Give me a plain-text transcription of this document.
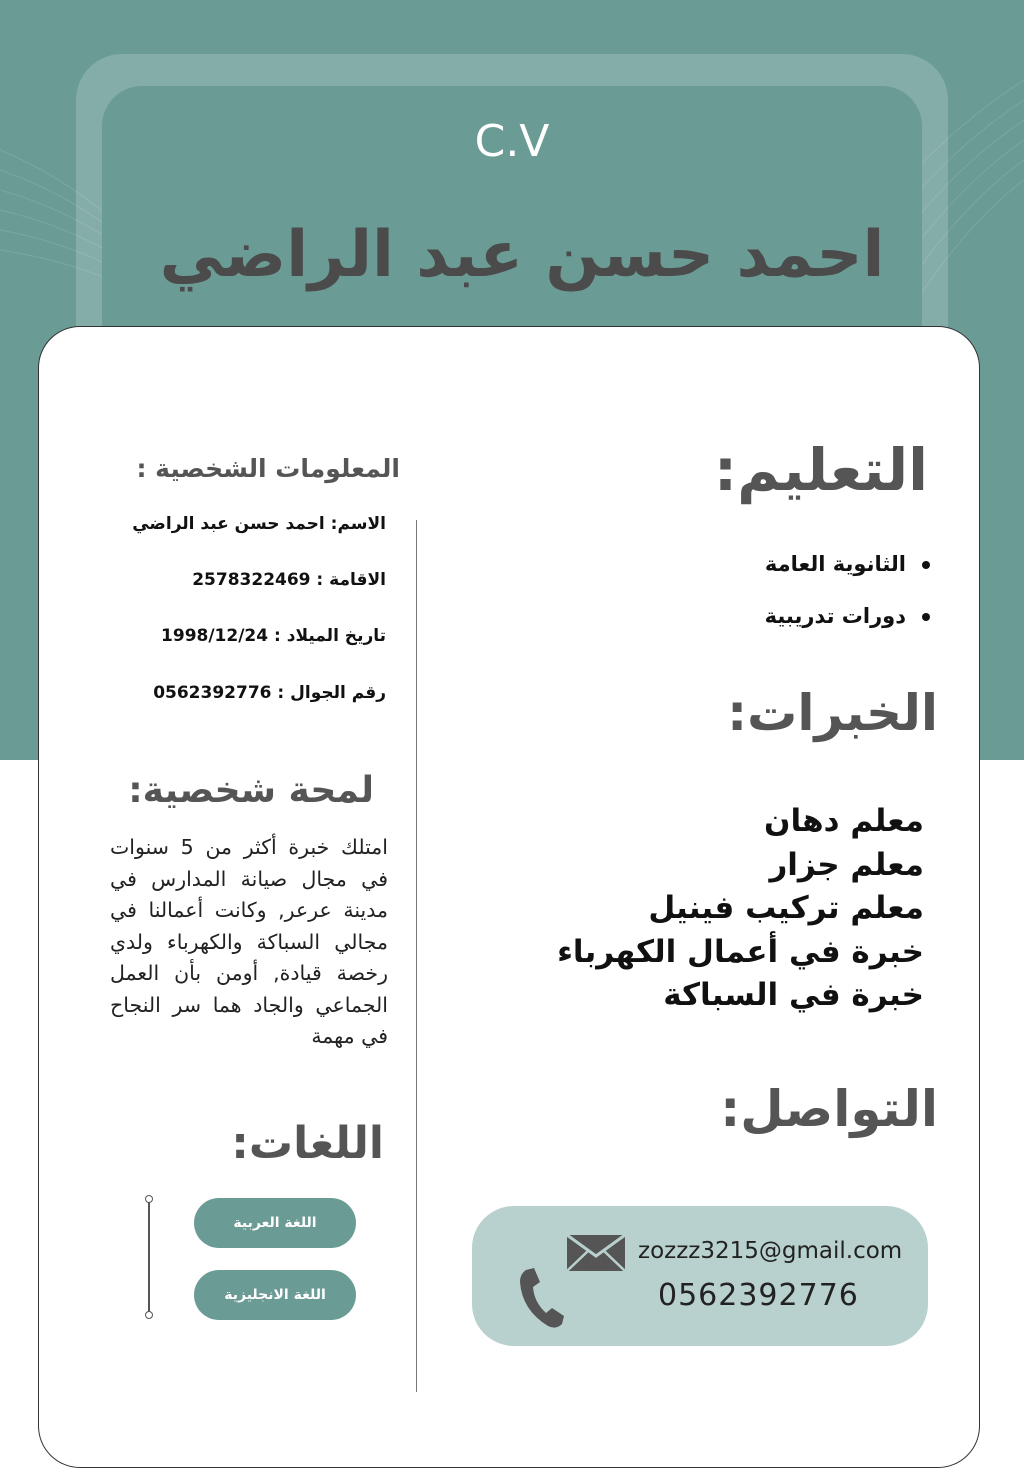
C.V
احمد حسن عبد الراضي
التعليم:
الثانوية العامة
دورات تدريبية
الخبرات:
معلم دهان
معلم جزار
معلم تركيب فينيل
خبرة في أعمال الكهرباء
خبرة في السباكة
التواصل:
zozzz3215@gmail.com
0562392776
المعلومات الشخصية :
الاسم: احمد حسن عبد الراضي
الاقامة : 2578322469
تاريخ الميلاد : 1998/12/24
رقم الجوال : 0562392776
لمحة شخصية:
امتلك خبرة أكثر من 5 سنوات في مجال صيانة المدارس في مدينة عرعر, وكانت أعمالنا في مجالي السباكة والكهرباء ولدي رخصة قيادة, أومن بأن العمل الجماعي والجاد هما سر النجاح في مهمة
اللغات:
اللغة العربية
اللغة الانجليزية
